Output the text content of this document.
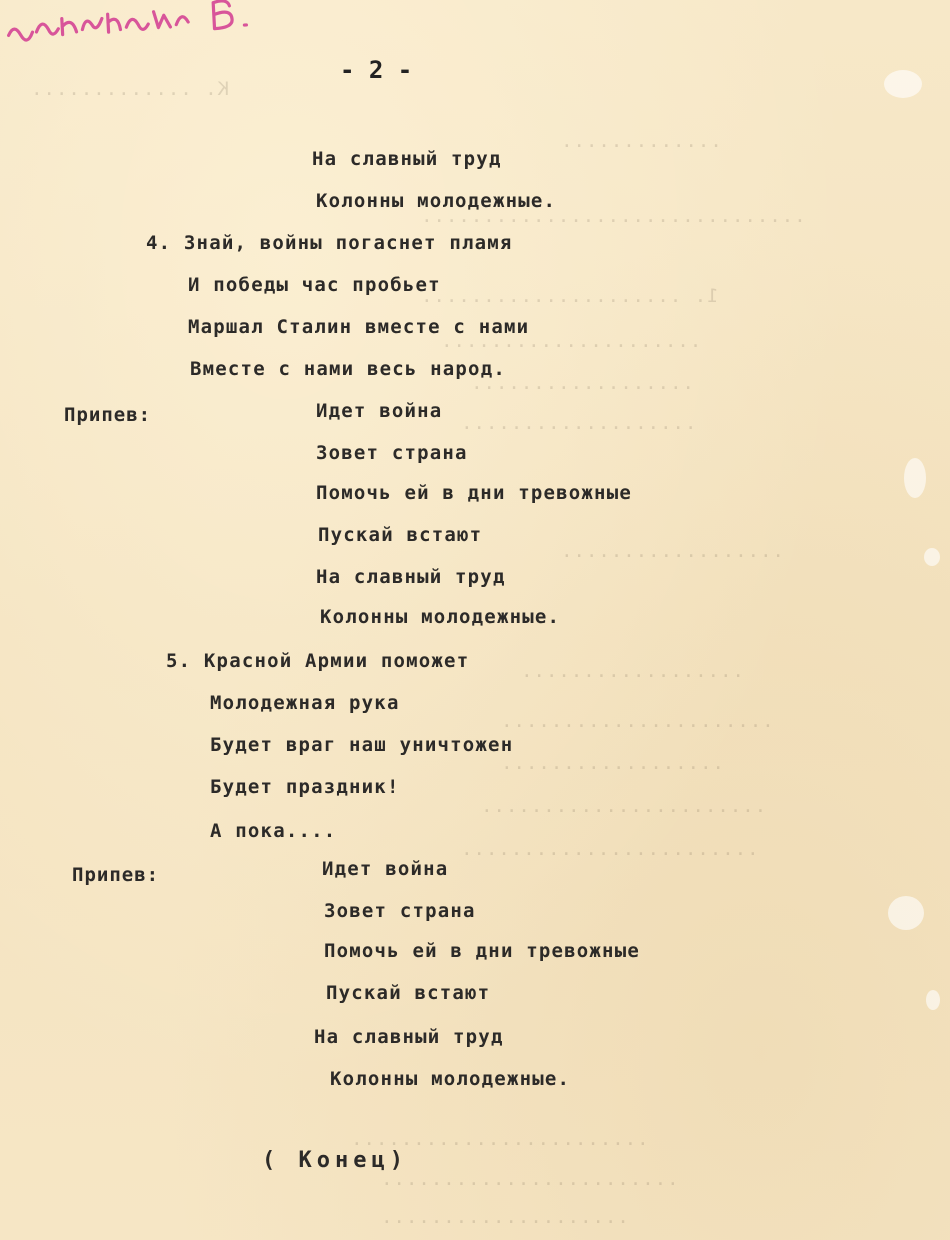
К. .............
.............
...............................
1. .....................
.....................
..................
...................
..................
..................
......................
..................
.......................
........................
........................
........................
....................
- 2 -
На славный труд
Колонны молодежные.
4. Знай, войны погаснет пламя
И победы час пробьет
Маршал Сталин вместе с нами
Вместе с нами весь народ.
Идет война
Зовет страна
Помочь ей в дни тревожные
Пускай встают
На славный труд
Колонны молодежные.
5. Красной Армии поможет
Молодежная рука
Будет враг наш уничтожен
Будет праздник!
А пока....
Идет война
Зовет страна
Помочь ей в дни тревожные
Пускай встают
На славный труд
Колонны молодежные.
Припев:
Припев:
( Конец)
